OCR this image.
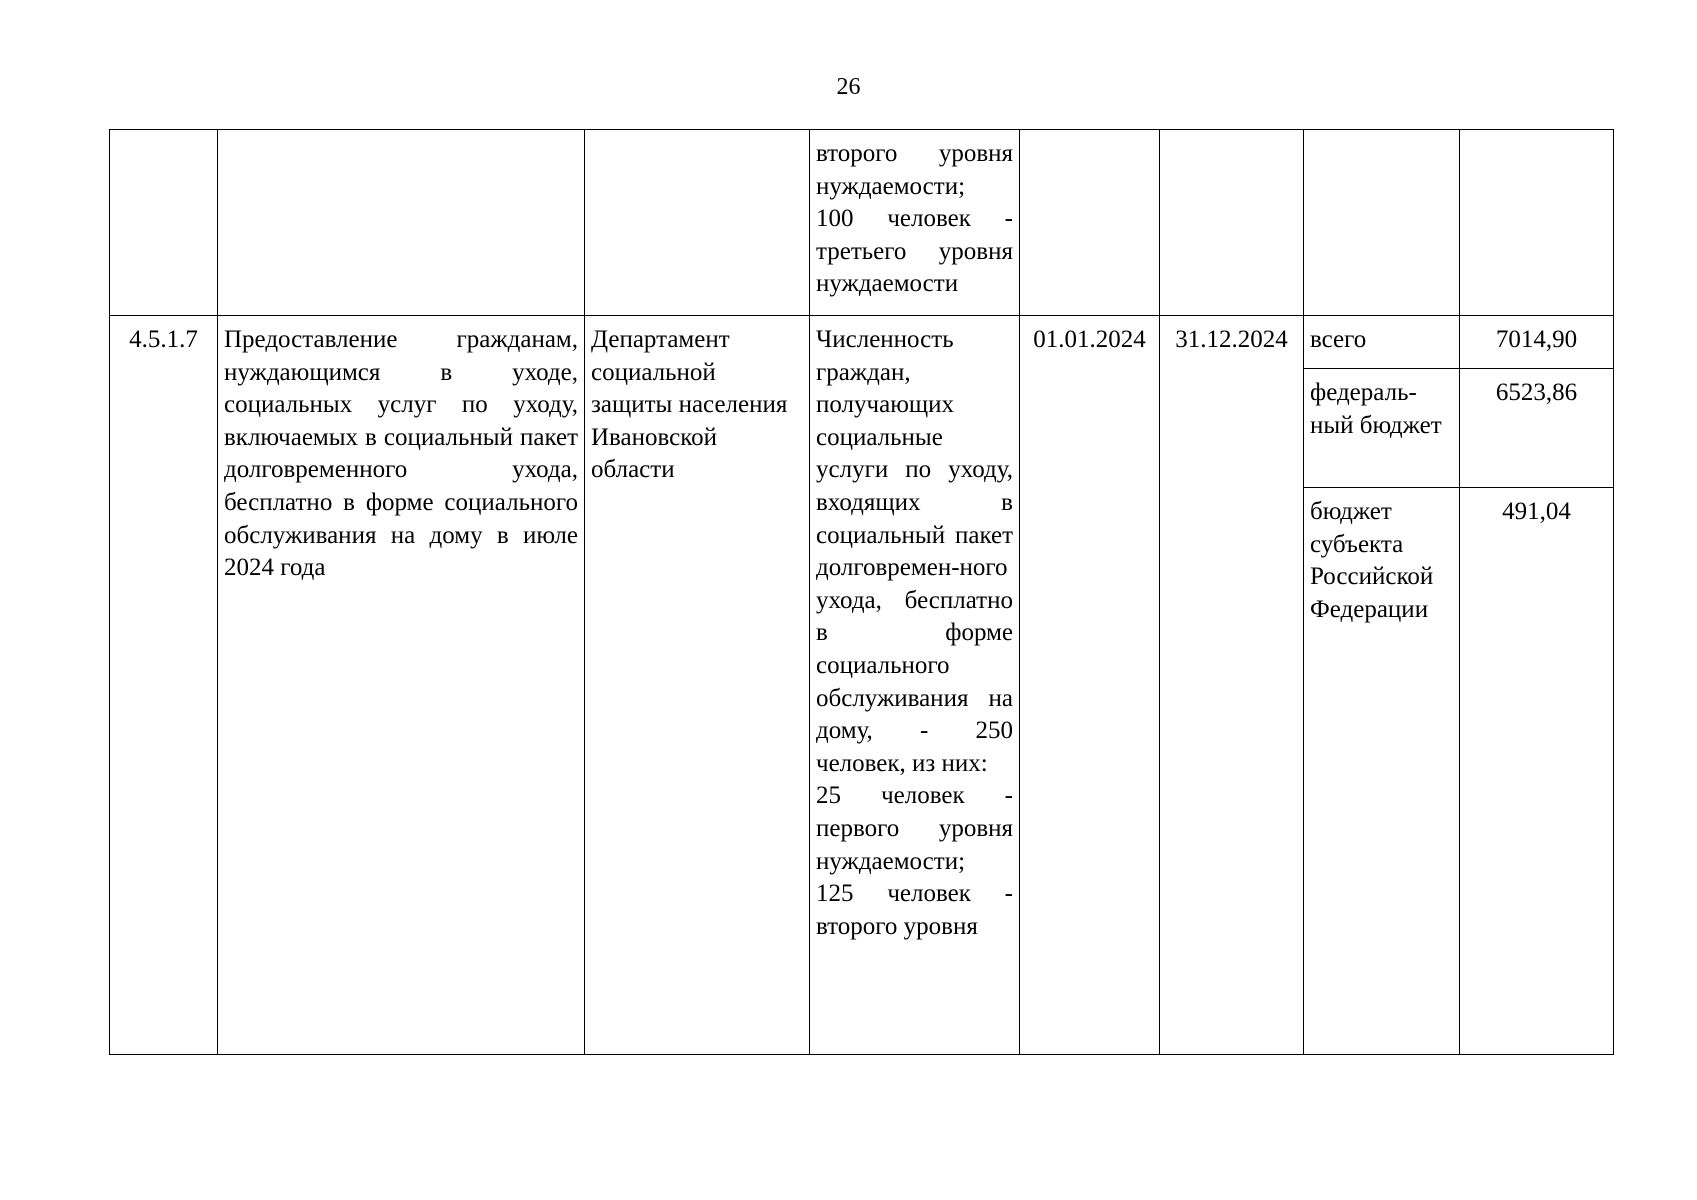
26
			второго уровня нуждаемости;
100 человек - третьего уровня нуждаемости				
4.5.1.7	Предоставление гражданам, нуждающимся в уходе, социальных услуг по уходу, включаемых в социальный пакет долговременного ухода, бесплатно в форме социального обслуживания на дому в июле 2024 года	Департамент социальной защиты населения Ивановской области	Численность граждан, получающих социальные услуги по уходу, входящих в социальный пакет долговремен-ного ухода, бесплатно в форме социального обслуживания на дому, - 250 человек, из них:
25 человек - первого уровня нуждаемости;
125 человек - второго уровня	01.01.2024	31.12.2024	всего	7014,90
						федераль-ный бюджет	6523,86
						бюджет субъекта Российской Федерации	491,04
